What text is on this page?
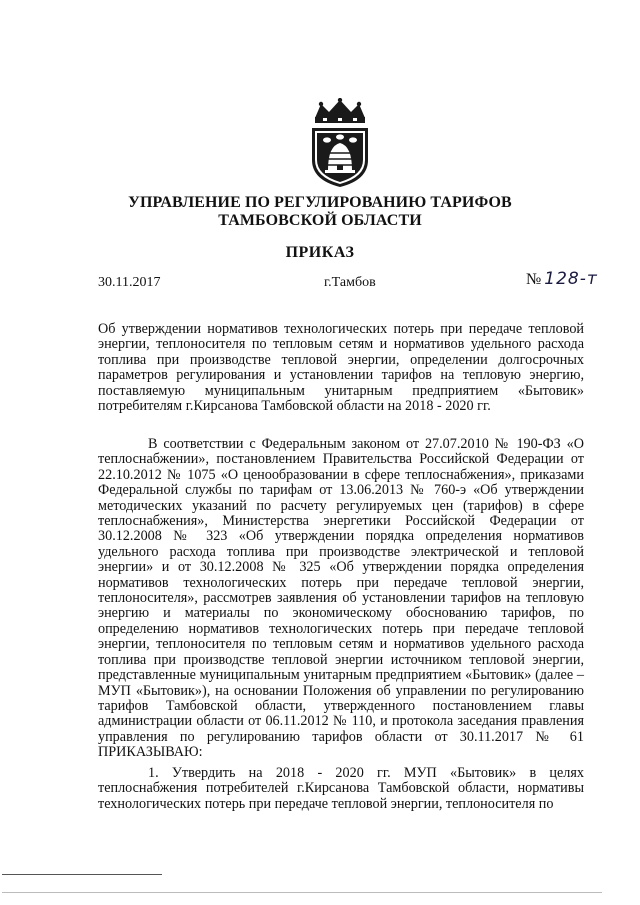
УПРАВЛЕНИЕ ПО РЕГУЛИРОВАНИЮ ТАРИФОВ
ТАМБОВСКОЙ ОБЛАСТИ
ПРИКАЗ
30.11.2017	г.Тамбов	№ 128-т

Об утверждении нормативов технологических потерь при передаче тепловой энергии, теплоносителя по тепловым сетям и нормативов удельного расхода топлива при производстве тепловой энергии, определении долгосрочных параметров регулирования и установлении тарифов на тепловую энергию, поставляемую муниципальным унитарным предприятием «Бытовик» потребителям г.Кирсанова Тамбовской области на 2018 - 2020 гг.

В соответствии с Федеральным законом от 27.07.2010 № 190-ФЗ «О теплоснабжении», постановлением Правительства Российской Федерации от 22.10.2012 № 1075 «О ценообразовании в сфере теплоснабжения», приказами Федеральной службы по тарифам от 13.06.2013 № 760-э «Об утверждении методических указаний по расчету регулируемых цен (тарифов) в сфере теплоснабжения», Министерства энергетики Российской Федерации от 30.12.2008 № 323 «Об утверждении порядка определения нормативов удельного расхода топлива при производстве электрической и тепловой энергии» и от 30.12.2008 № 325 «Об утверждении порядка определения нормативов технологических потерь при передаче тепловой энергии, теплоносителя», рассмотрев заявления об установлении тарифов на тепловую энергию и материалы по экономическому обоснованию тарифов, по определению нормативов технологических потерь при передаче тепловой энергии, теплоносителя по тепловым сетям и нормативов удельного расхода топлива при производстве тепловой энергии источником тепловой энергии, представленные муниципальным унитарным предприятием «Бытовик» (далее – МУП «Бытовик»), на основании Положения об управлении по регулированию тарифов Тамбовской области, утвержденного постановлением главы администрации области от 06.11.2012 № 110, и протокола заседания правления управления по регулированию тарифов области от 30.11.2017 № 61 ПРИКАЗЫВАЮ:

1. Утвердить на 2018 - 2020 гг. МУП «Бытовик» в целях теплоснабжения потребителей г.Кирсанова Тамбовской области, нормативы технологических потерь при передаче тепловой энергии, теплоносителя по
